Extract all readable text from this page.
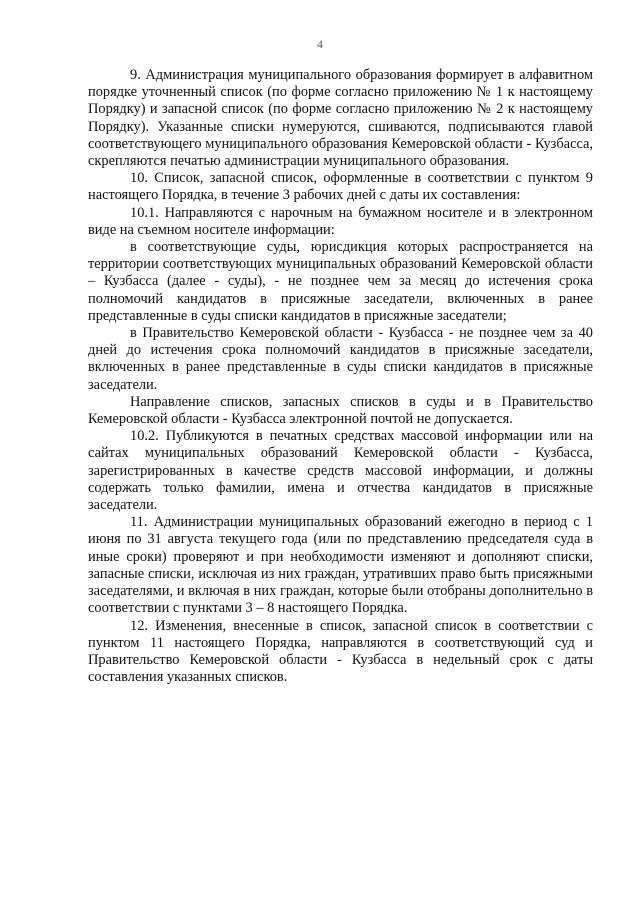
4

9. Администрация муниципального образования формирует в алфавитном порядке уточненный список (по форме согласно приложению № 1 к настоящему Порядку) и запасной список (по форме согласно приложению № 2 к настоящему Порядку). Указанные списки нумеруются, сшиваются, подписываются главой соответствующего муниципального образования Кемеровской области - Кузбасса, скрепляются печатью администрации муниципального образования.

10. Список, запасной список, оформленные в соответствии с пунктом 9 настоящего Порядка, в течение 3 рабочих дней с даты их составления:

10.1. Направляются с нарочным на бумажном носителе и в электронном виде на съемном носителе информации:

в соответствующие суды, юрисдикция которых распространяется на территории соответствующих муниципальных образований Кемеровской области – Кузбасса (далее - суды), - не позднее чем за месяц до истечения срока полномочий кандидатов в присяжные заседатели, включенных в ранее представленные в суды списки кандидатов в присяжные заседатели;

в Правительство Кемеровской области - Кузбасса - не позднее чем за 40 дней до истечения срока полномочий кандидатов в присяжные заседатели, включенных в ранее представленные в суды списки кандидатов в присяжные заседатели.

Направление списков, запасных списков в суды и в Правительство Кемеровской области - Кузбасса электронной почтой не допускается.

10.2. Публикуются в печатных средствах массовой информации или на сайтах муниципальных образований Кемеровской области - Кузбасса, зарегистрированных в качестве средств массовой информации, и должны содержать только фамилии, имена и отчества кандидатов в присяжные заседатели.

11. Администрации муниципальных образований ежегодно в период с 1 июня по 31 августа текущего года (или по представлению председателя суда в иные сроки) проверяют и при необходимости изменяют и дополняют списки, запасные списки, исключая из них граждан, утративших право быть присяжными заседателями, и включая в них граждан, которые были отобраны дополнительно в соответствии с пунктами 3 – 8 настоящего Порядка.

12. Изменения, внесенные в список, запасной список в соответствии с пунктом 11 настоящего Порядка, направляются в соответствующий суд и Правительство Кемеровской области - Кузбасса в недельный срок с даты составления указанных списков.
